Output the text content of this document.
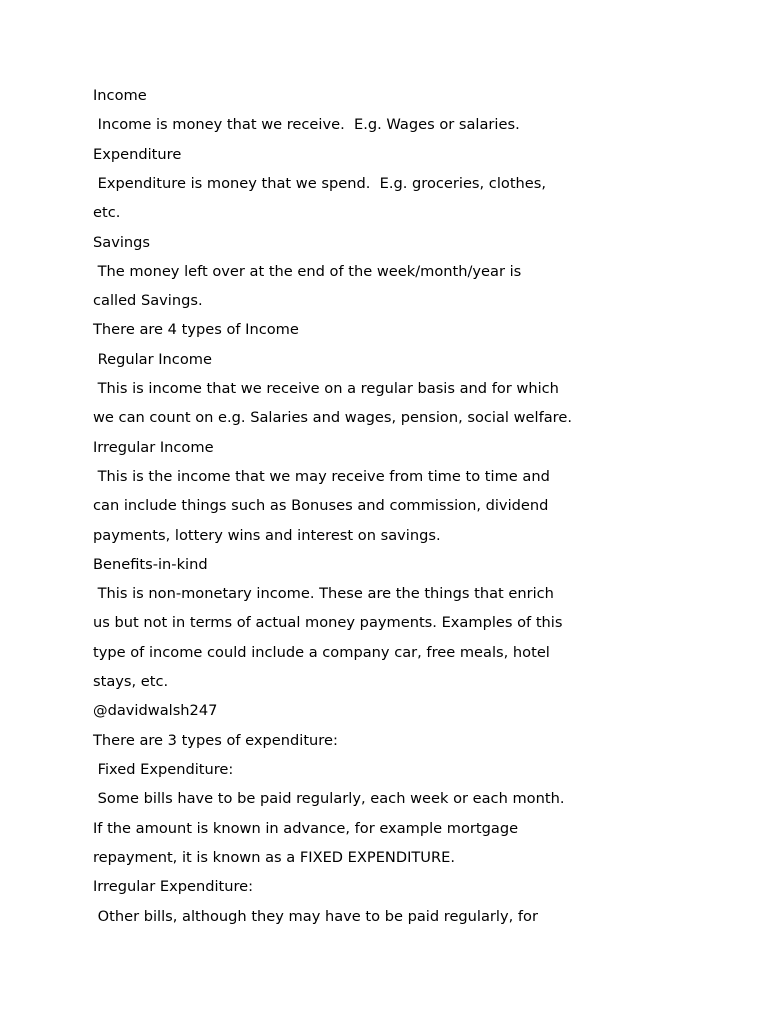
Income
Income is money that we receive.  E.g. Wages or salaries.
Expenditure
Expenditure is money that we spend.  E.g. groceries, clothes,
etc.
Savings
The money left over at the end of the week/month/year is
called Savings.
There are 4 types of Income
Regular Income
This is income that we receive on a regular basis and for which
we can count on e.g. Salaries and wages, pension, social welfare.
Irregular Income
This is the income that we may receive from time to time and
can include things such as Bonuses and commission, dividend
payments, lottery wins and interest on savings.
Benefits-in-kind
This is non-monetary income. These are the things that enrich
us but not in terms of actual money payments. Examples of this
type of income could include a company car, free meals, hotel
stays, etc.
@davidwalsh247
There are 3 types of expenditure:
Fixed Expenditure:
Some bills have to be paid regularly, each week or each month.
If the amount is known in advance, for example mortgage
repayment, it is known as a FIXED EXPENDITURE.
Irregular Expenditure:
Other bills, although they may have to be paid regularly, for
